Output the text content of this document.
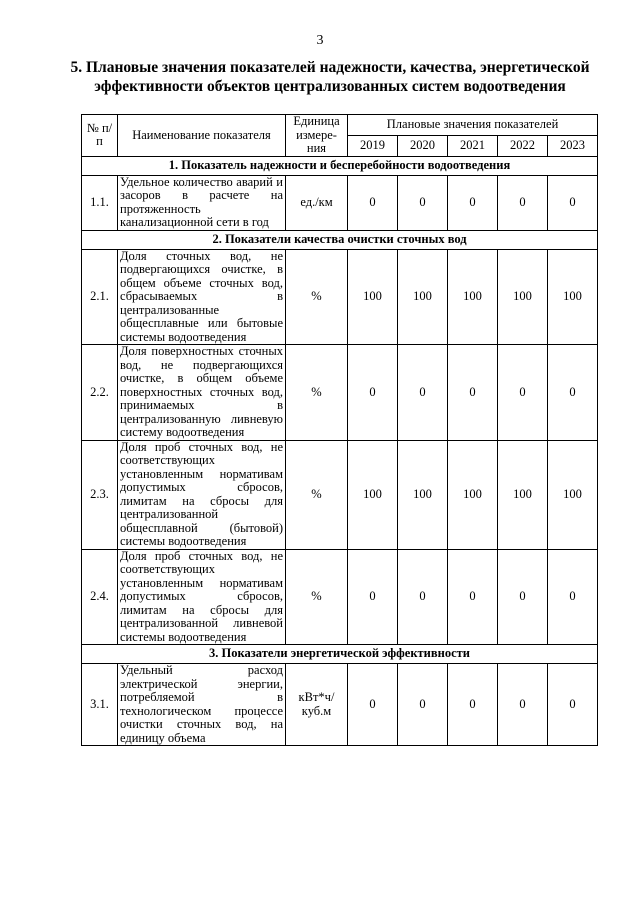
3
5. Плановые значения показателей надежности, качества, энергетической
эффективности объектов централизованных систем водоотведения
№ п/п	Наименование показателя	Единица измере-ния	Плановые значения показателей				
			2019	2020	2021	2022	2023
1. Показатель надежности и бесперебойности водоотведения							
1.1.	Удельное количество аварий и засоров в расчете на протяженность канализационной сети в год	ед./км	0	0	0	0	0
2. Показатели качества очистки сточных вод							
2.1.	Доля сточных вод, не подвергающихся очистке, в общем объеме сточных вод, сбрасываемых в централизованные общесплавные или бытовые системы водоотведения	%	100	100	100	100	100
2.2.	Доля поверхностных сточных вод, не подвергающихся очистке, в общем объеме поверхностных сточных вод, принимаемых в централизованную ливневую систему водоотведения	%	0	0	0	0	0
2.3.	Доля проб сточных вод, не соответствующих установленным нормативам допустимых сбросов, лимитам на сбросы для централизованной общесплавной (бытовой) системы водоотведения	%	100	100	100	100	100
2.4.	Доля проб сточных вод, не соответствующих установленным нормативам допустимых сбросов, лимитам на сбросы для централизованной ливневой системы водоотведения	%	0	0	0	0	0
3. Показатели энергетической эффективности							
3.1.	Удельный расход электрической энергии, потребляемой в технологическом процессе очистки сточных вод, на единицу объема	кВт*ч/ куб.м	0	0	0	0	0
